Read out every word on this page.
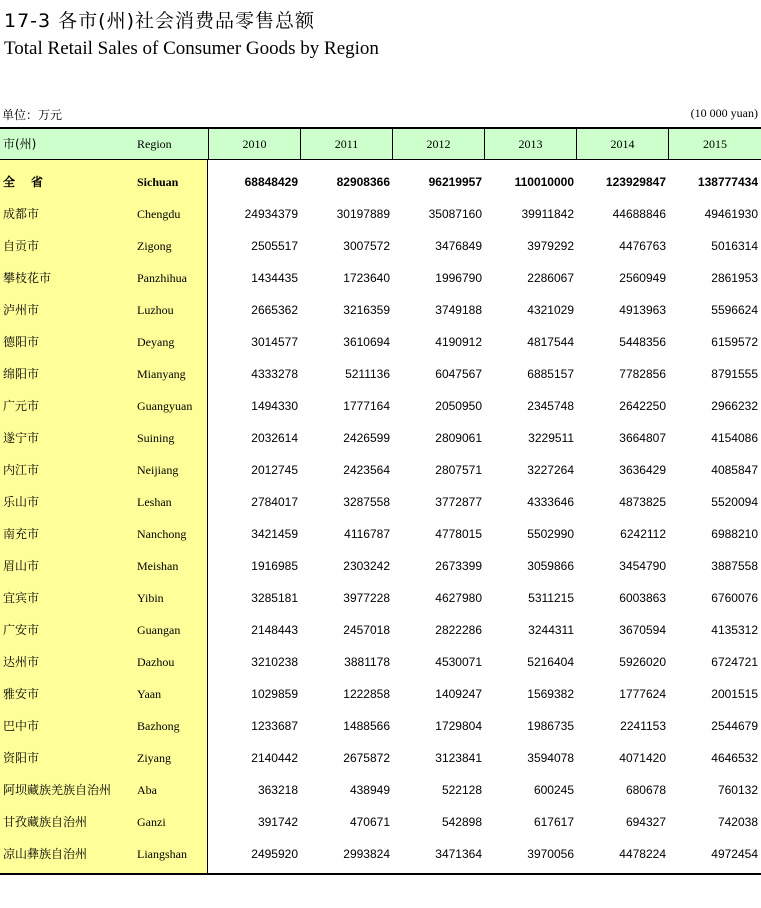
17-3 各市(州)社会消费品零售总额
Total Retail Sales of Consumer Goods by Region
单位：万元	(10 000 yuan)
市(州)	Region	2010	2011	2012	2013	2014	2015
全省	Sichuan	68848429	82908366	96219957	110010000	123929847	138777434
成都市	Chengdu	24934379	30197889	35087160	39911842	44688846	49461930
自贡市	Zigong	2505517	3007572	3476849	3979292	4476763	5016314
攀枝花市	Panzhihua	1434435	1723640	1996790	2286067	2560949	2861953
泸州市	Luzhou	2665362	3216359	3749188	4321029	4913963	5596624
德阳市	Deyang	3014577	3610694	4190912	4817544	5448356	6159572
绵阳市	Mianyang	4333278	5211136	6047567	6885157	7782856	8791555
广元市	Guangyuan	1494330	1777164	2050950	2345748	2642250	2966232
遂宁市	Suining	2032614	2426599	2809061	3229511	3664807	4154086
内江市	Neijiang	2012745	2423564	2807571	3227264	3636429	4085847
乐山市	Leshan	2784017	3287558	3772877	4333646	4873825	5520094
南充市	Nanchong	3421459	4116787	4778015	5502990	6242112	6988210
眉山市	Meishan	1916985	2303242	2673399	3059866	3454790	3887558
宜宾市	Yibin	3285181	3977228	4627980	5311215	6003863	6760076
广安市	Guangan	2148443	2457018	2822286	3244311	3670594	4135312
达州市	Dazhou	3210238	3881178	4530071	5216404	5926020	6724721
雅安市	Yaan	1029859	1222858	1409247	1569382	1777624	2001515
巴中市	Bazhong	1233687	1488566	1729804	1986735	2241153	2544679
资阳市	Ziyang	2140442	2675872	3123841	3594078	4071420	4646532
阿坝藏族羌族自治州 Aba	363218	438949	522128	600245	680678	760132
甘孜藏族自治州	Ganzi	391742	470671	542898	617617	694327	742038
凉山彝族自治州	Liangshan	2495920	2993824	3471364	3970056	4478224	4972454
